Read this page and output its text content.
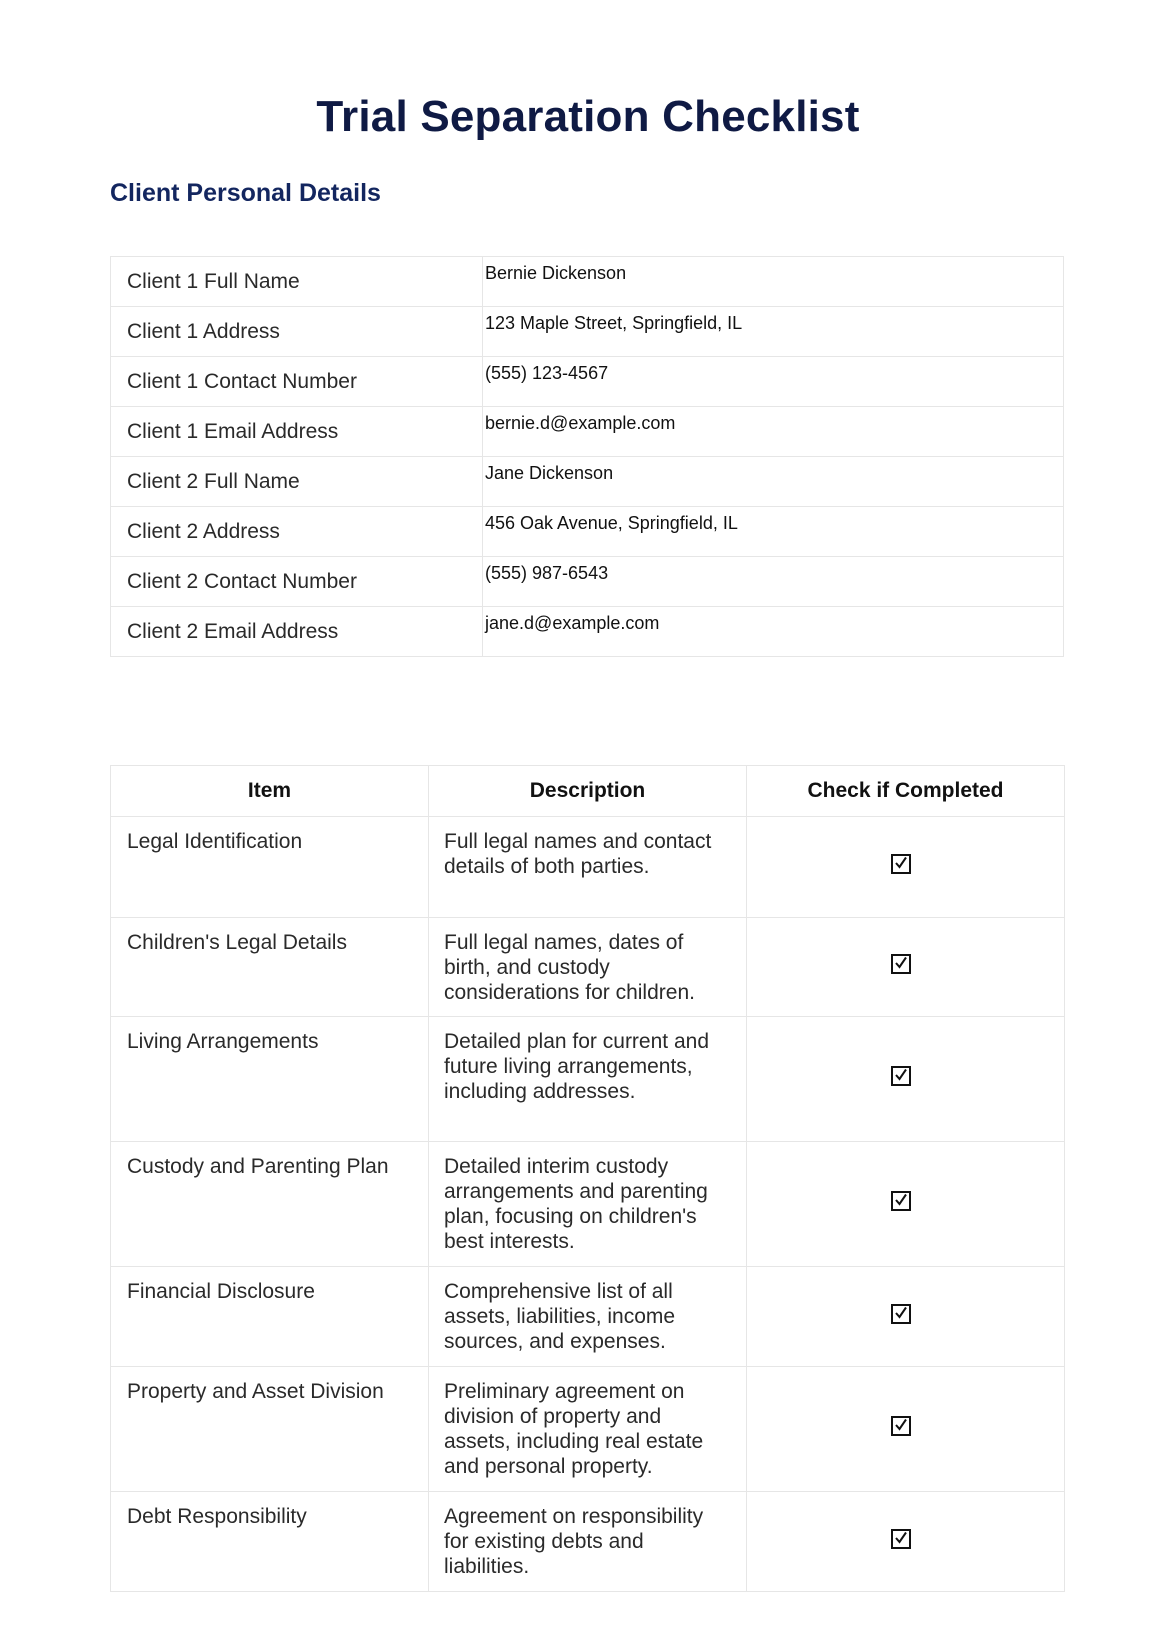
Trial Separation Checklist
Client Personal Details
Client 1 Full Name	Bernie Dickenson
Client 1 Address	123 Maple Street, Springfield, IL
Client 1 Contact Number	(555) 123-4567
Client 1 Email Address	bernie.d@example.com
Client 2 Full Name	Jane Dickenson
Client 2 Address	456 Oak Avenue, Springfield, IL
Client 2 Contact Number	(555) 987-6543
Client 2 Email Address	jane.d@example.com
Item	Description	Check if Completed
Legal Identification	Full legal names and contact details of both parties.	

Children's Legal Details	Full legal names, dates of birth, and custody considerations for children.	

Living Arrangements	Detailed plan for current and future living arrangements, including addresses.	

Custody and Parenting Plan	Detailed interim custody arrangements and parenting plan, focusing on children's best interests.	

Financial Disclosure	Comprehensive list of all assets, liabilities, income sources, and expenses.	

Property and Asset Division	Preliminary agreement on division of property and assets, including real estate and personal property.	

Debt Responsibility	Agreement on responsibility for existing debts and liabilities.	
